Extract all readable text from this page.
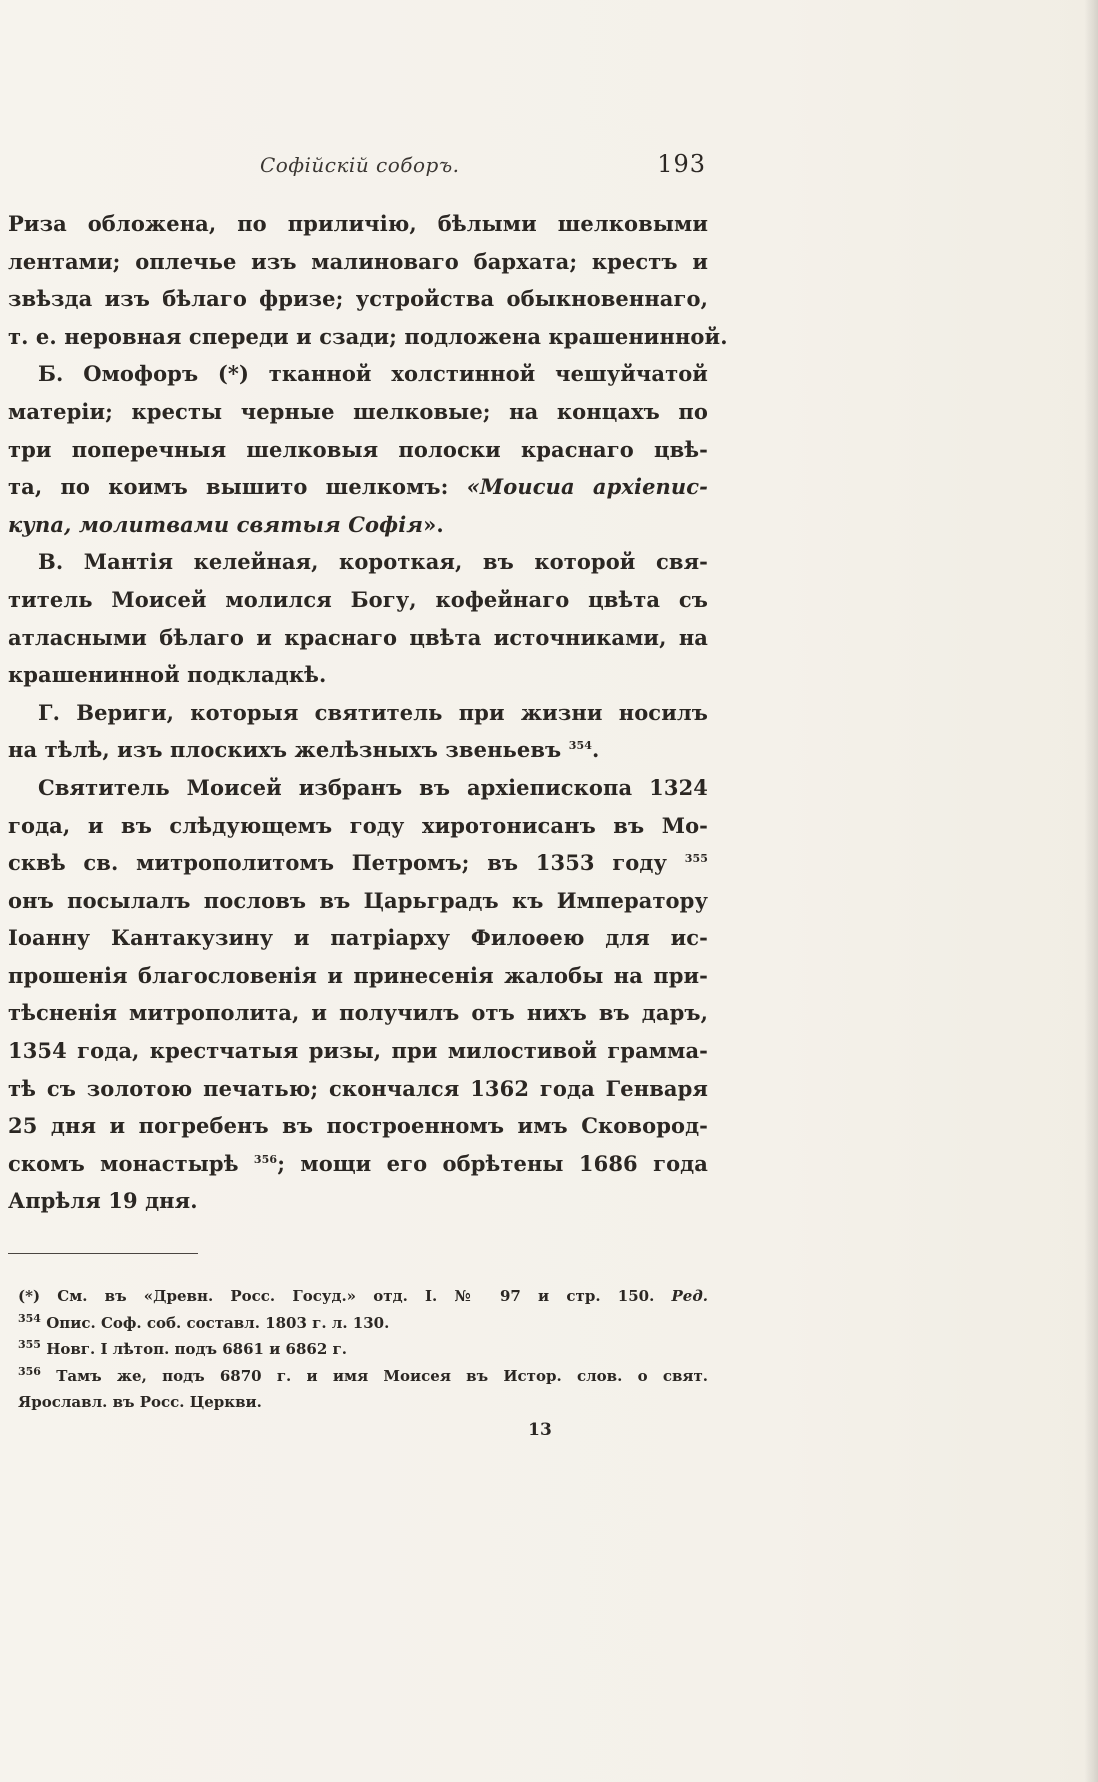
Софійскій соборъ.	193
Риза обложена, по приличію, бѣлыми шелковыми
лентами; оплечье изъ малиноваго бархата; крестъ и
звѣзда изъ бѣлаго фризе; устройства обыкновеннаго,
т. е. неровная спереди и сзади; подложена крашенинной.
Б. Омофоръ (*) тканной холстинной чешуйчатой
матеріи; кресты черные шелковые; на концахъ по
три поперечныя шелковыя полоски краснаго цвѣ-
та, по коимъ вышито шелкомъ: «Моисиа архіепис-
купа, молитвами святыя Софія».
В. Мантія келейная, короткая, въ которой свя-
титель Моисей молился Богу, кофейнаго цвѣта съ
атласными бѣлаго и краснаго цвѣта источниками, на
крашенинной подкладкѣ.
Г. Вериги, которыя святитель при жизни носилъ
на тѣлѣ, изъ плоскихъ желѣзныхъ звеньевъ $^{354}$.
Святитель Моисей избранъ въ архіепископа 1324
года, и въ слѣдующемъ году хиротонисанъ въ Мо-
сквѣ св. митрополитомъ Петромъ; въ 1353 году $^{355}$
онъ посылалъ пословъ въ Царьградъ къ Императору
Іоанну Кантакузину и патріарху Филоѳею для ис-
прошенія благословенія и принесенія жалобы на при-
тѣсненія митрополита, и получилъ отъ нихъ въ даръ,
1354 года, крестчатыя ризы, при милостивой грамма-
тѣ съ золотою печатью; скончался 1362 года Генваря
25 дня и погребенъ въ построенномъ имъ Сковород-
скомъ монастырѣ $^{356}$; мощи его обрѣтены 1686 года
Апрѣля 19 дня.
(*) См. въ «Древн. Росс. Госуд.» отд. I. № 97 и стр. 150. Ред.
$^{354}$ Опис. Соф. соб. составл. 1803 г. л. 130.
$^{355}$ Новг. I лѣтоп. подъ 6861 и 6862 г.
$^{356}$ Тамъ же, подъ 6870 г. и имя Моисея въ Истор. слов. о свят.
Ярославл. въ Росс. Церкви.
13
